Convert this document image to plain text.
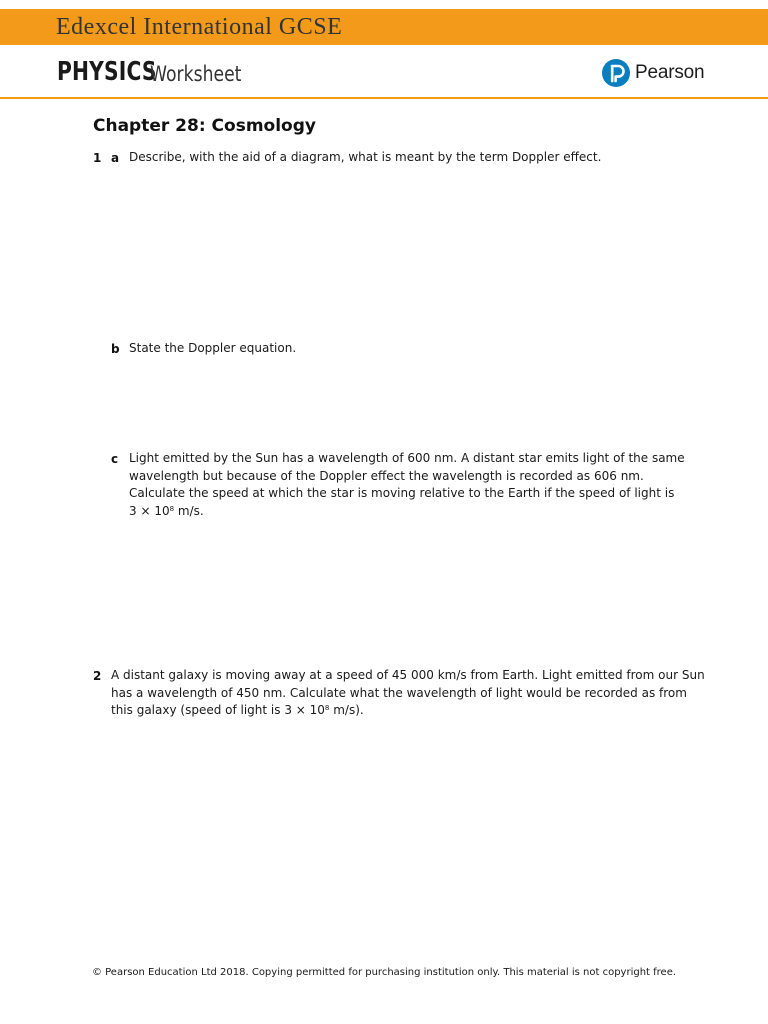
Edexcel International GCSE
PHYSICS
Worksheet	Pearson
Chapter 28: Cosmology
1 a Describe, with the aid of a diagram, what is meant by the term Doppler effect.
b State the Doppler equation.
c Light emitted by the Sun has a wavelength of 600 nm. A distant star emits light of the same
wavelength but because of the Doppler effect the wavelength is recorded as 606 nm.
Calculate the speed at which the star is moving relative to the Earth if the speed of light is
$3 \times 10^8$ m/s.
2 A distant galaxy is moving away at a speed of 45 000 km/s from Earth. Light emitted from our Sun
has a wavelength of 450 nm. Calculate what the wavelength of light would be recorded as from
this galaxy (speed of light is $3 \times 10^8$ m/s).
© Pearson Education Ltd 2018. Copying permitted for purchasing institution only. This material is not copyright free.
